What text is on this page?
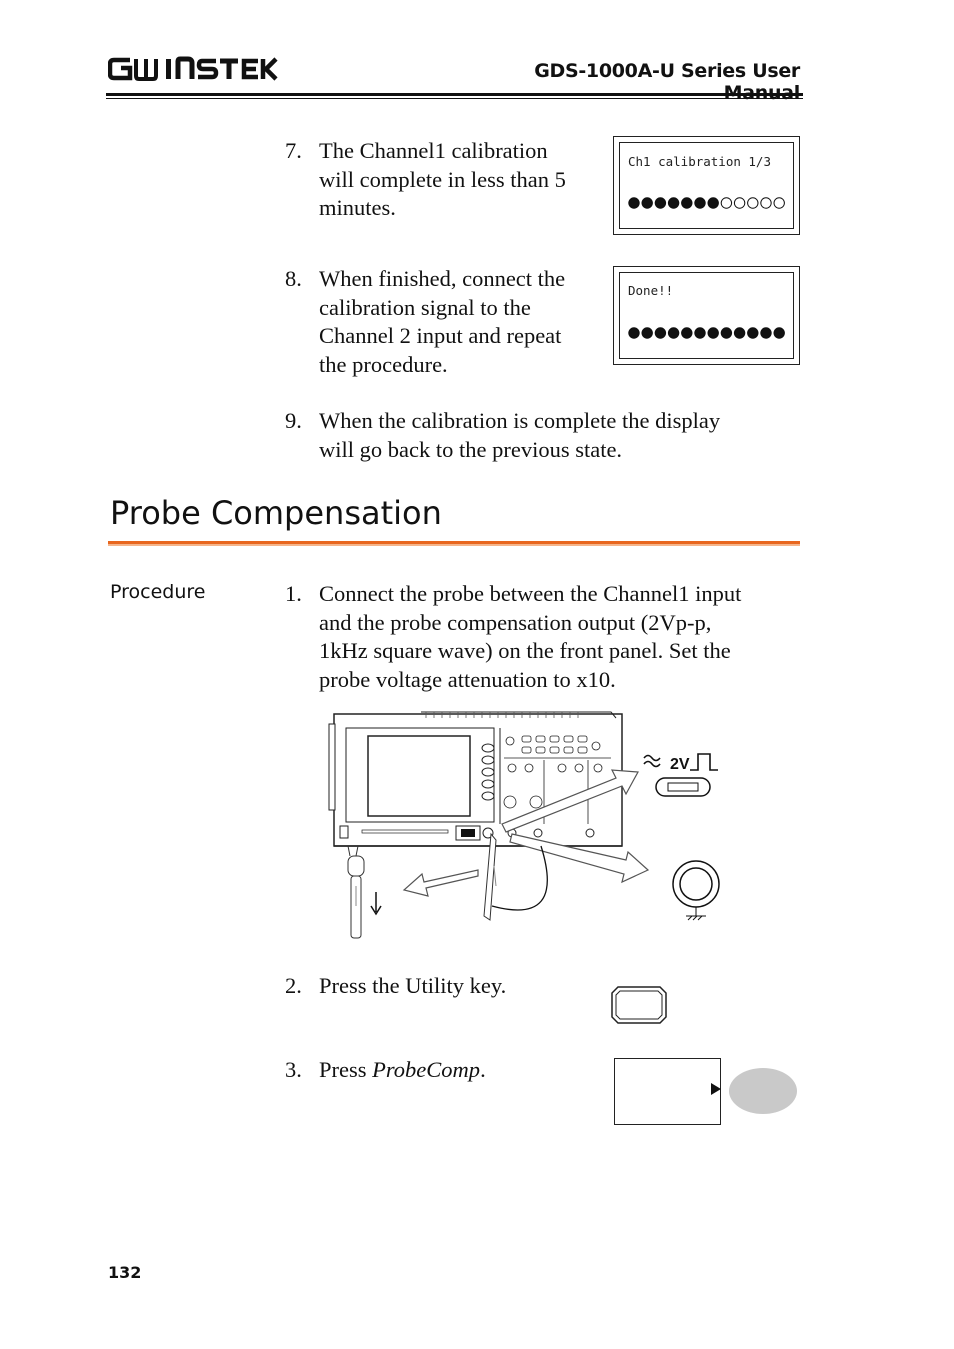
GDS-1000A-U Series User
7. The Channel1 calibration
will complete in less than 5
minutes.
Ch1 calibration 1/3
8. When finished, connect the
calibration signal to the
Channel 2 input and repeat
the procedure.
Done!!
9. When the calibration is complete the display
will go back to the previous state.
Probe Compensation
Procedure	1. Connect the probe between the Channel1 input
and the probe compensation output (2Vp-p,
1kHz square wave) on the front panel. Set the
probe voltage attenuation to x10.
2V
2. Press the Utility key.
3. Press ProbeComp.
132
